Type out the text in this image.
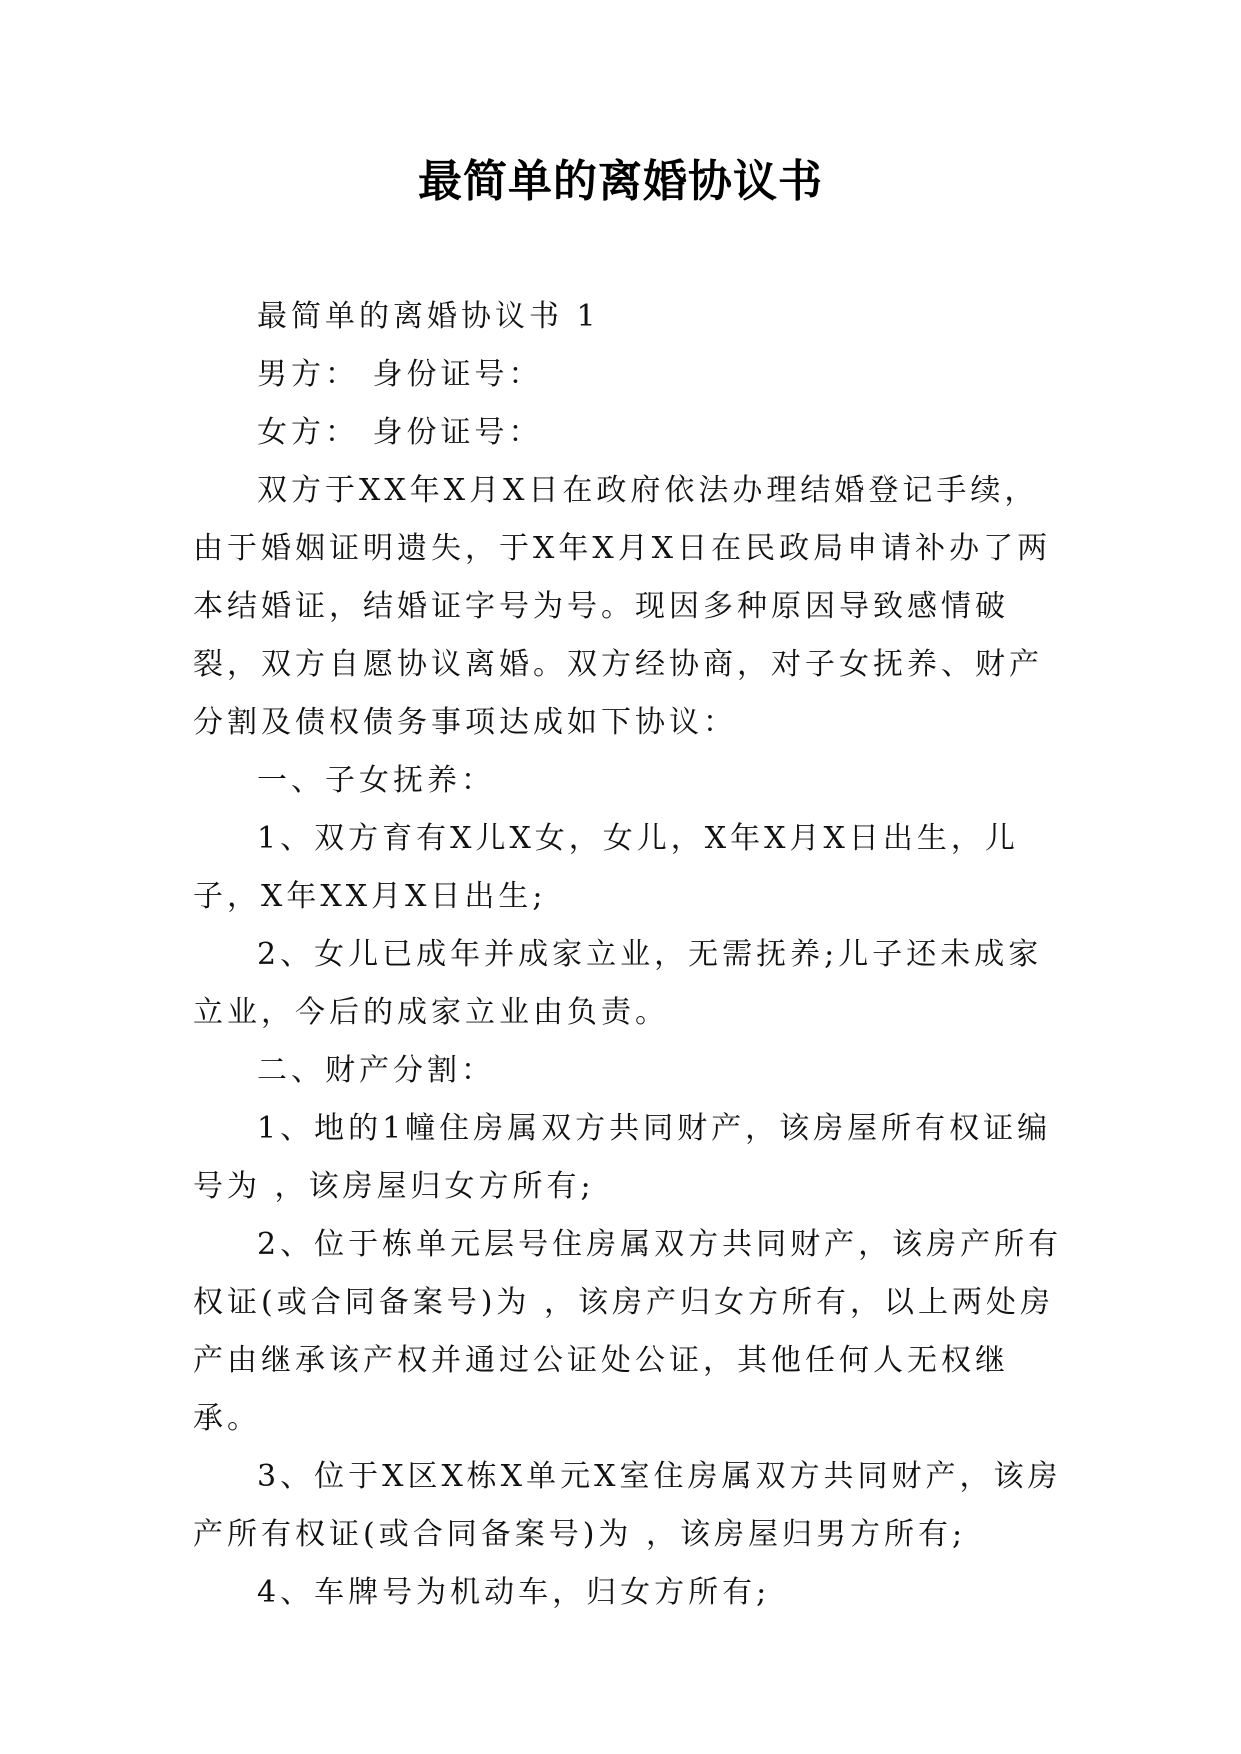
最简单的离婚协议书

最简单的离婚协议书 1

男方： 身份证号：

女方： 身份证号：

双方于XX年X月X日在政府依法办理结婚登记手续，由于婚姻证明遗失，于X年X月X日在民政局申请补办了两本结婚证，结婚证字号为号。现因多种原因导致感情破裂，双方自愿协议离婚。双方经协商，对子女抚养、财产分割及债权债务事项达成如下协议：

一、子女抚养：

1、双方育有X儿X女，女儿，X年X月X日出生，儿子，X年XX月X日出生;

2、女儿已成年并成家立业，无需抚养;儿子还未成家立业，今后的成家立业由负责。

二、财产分割：

1、地的1幢住房属双方共同财产，该房屋所有权证编号为 ，该房屋归女方所有;

2、位于栋单元层号住房属双方共同财产，该房产所有权证(或合同备案号)为 ，该房产归女方所有，以上两处房产由继承该产权并通过公证处公证，其他任何人无权继承。

3、位于X区X栋X单元X室住房属双方共同财产，该房产所有权证(或合同备案号)为 ，该房屋归男方所有;

4、车牌号为机动车，归女方所有;
